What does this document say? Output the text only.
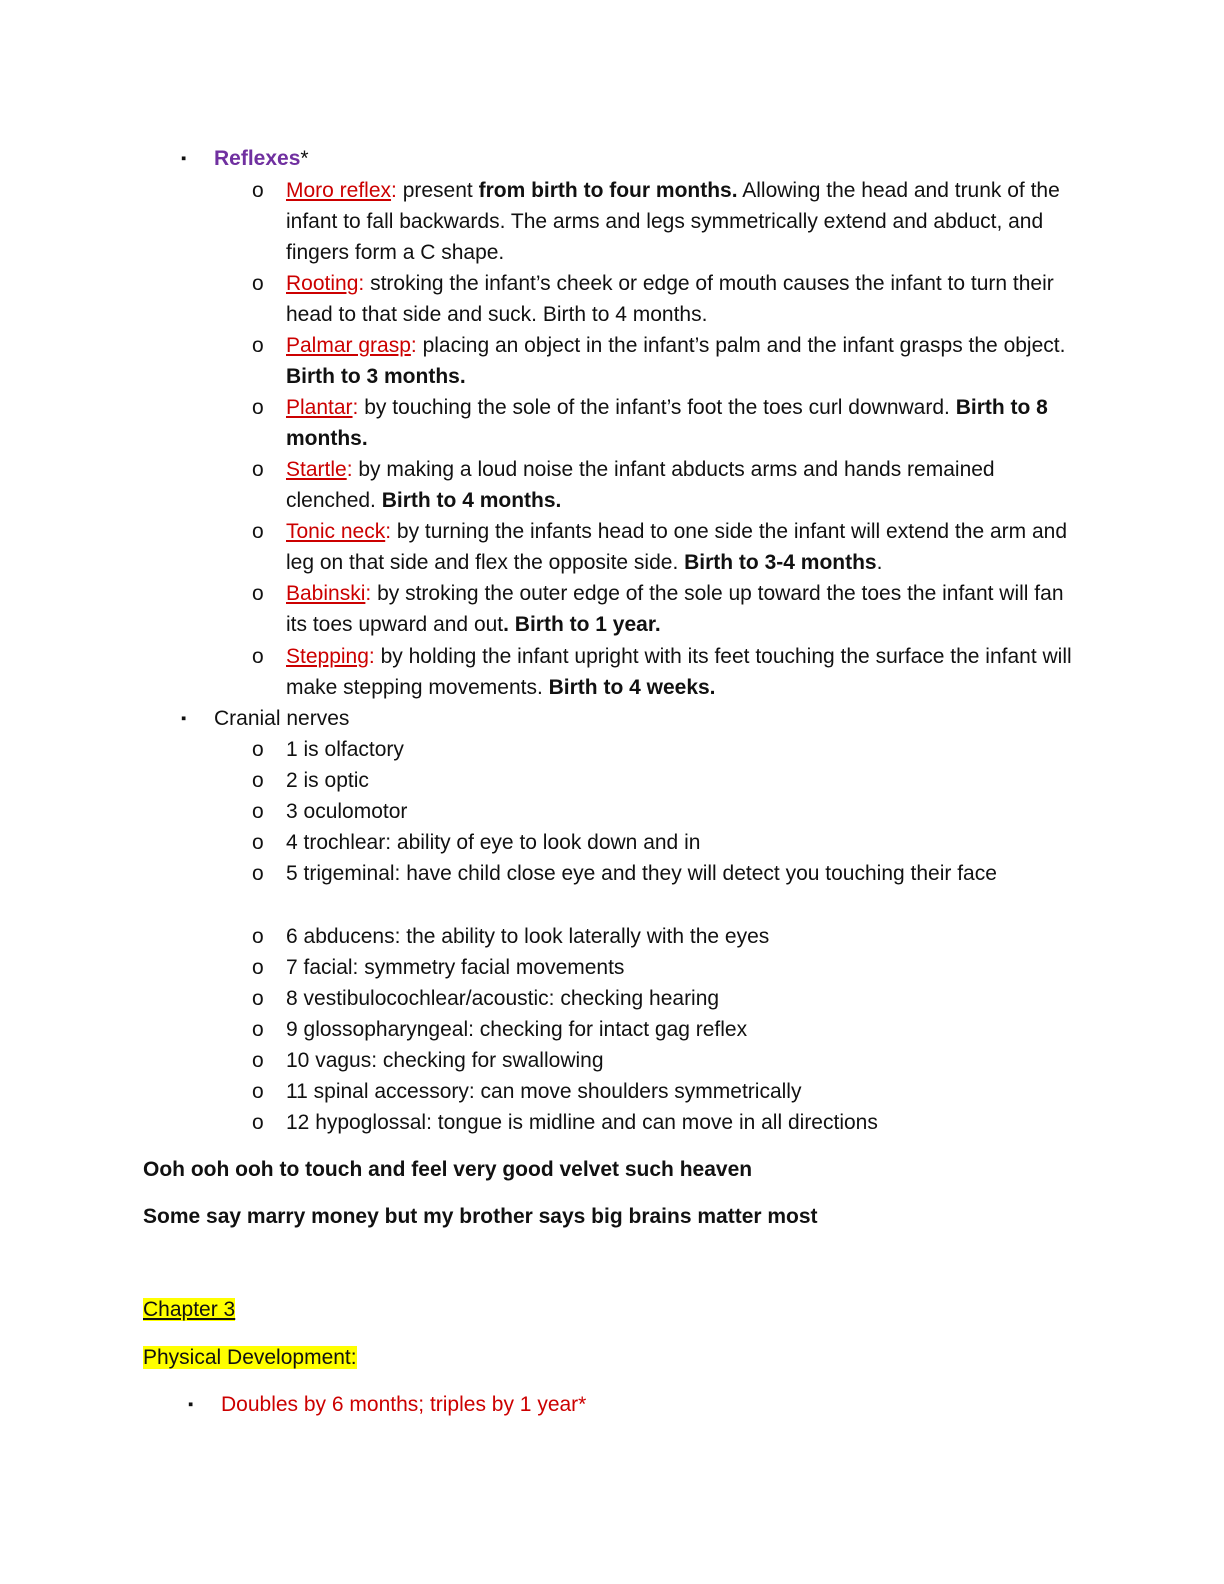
▪ Reflexes*
o Moro reflex: present from birth to four months. Allowing the head and trunk of the infant to fall backwards. The arms and legs symmetrically extend and abduct, and fingers form a C shape.
o Rooting: stroking the infant’s cheek or edge of mouth causes the infant to turn their head to that side and suck. Birth to 4 months.
o Palmar grasp: placing an object in the infant’s palm and the infant grasps the object. Birth to 3 months.
o Plantar: by touching the sole of the infant’s foot the toes curl downward. Birth to 8 months.
o Startle: by making a loud noise the infant abducts arms and hands remained clenched. Birth to 4 months.
o Tonic neck: by turning the infants head to one side the infant will extend the arm and leg on that side and flex the opposite side. Birth to 3-4 months.
o Babinski: by stroking the outer edge of the sole up toward the toes the infant will fan its toes upward and out. Birth to 1 year.
o Stepping: by holding the infant upright with its feet touching the surface the infant will make stepping movements. Birth to 4 weeks.
▪ Cranial nerves
o 1 is olfactory
o 2 is optic
o 3 oculomotor
o 4 trochlear: ability of eye to look down and in
o 5 trigeminal: have child close eye and they will detect you touching their face
o 6 abducens: the ability to look laterally with the eyes
o 7 facial: symmetry facial movements
o 8 vestibulocochlear/acoustic: checking hearing
o 9 glossopharyngeal: checking for intact gag reflex
o 10 vagus: checking for swallowing
o 11 spinal accessory: can move shoulders symmetrically
o 12 hypoglossal: tongue is midline and can move in all directions
Ooh ooh ooh to touch and feel very good velvet such heaven
Some say marry money but my brother says big brains matter most
Chapter 3
Physical Development:
▪ Doubles by 6 months; triples by 1 year*
